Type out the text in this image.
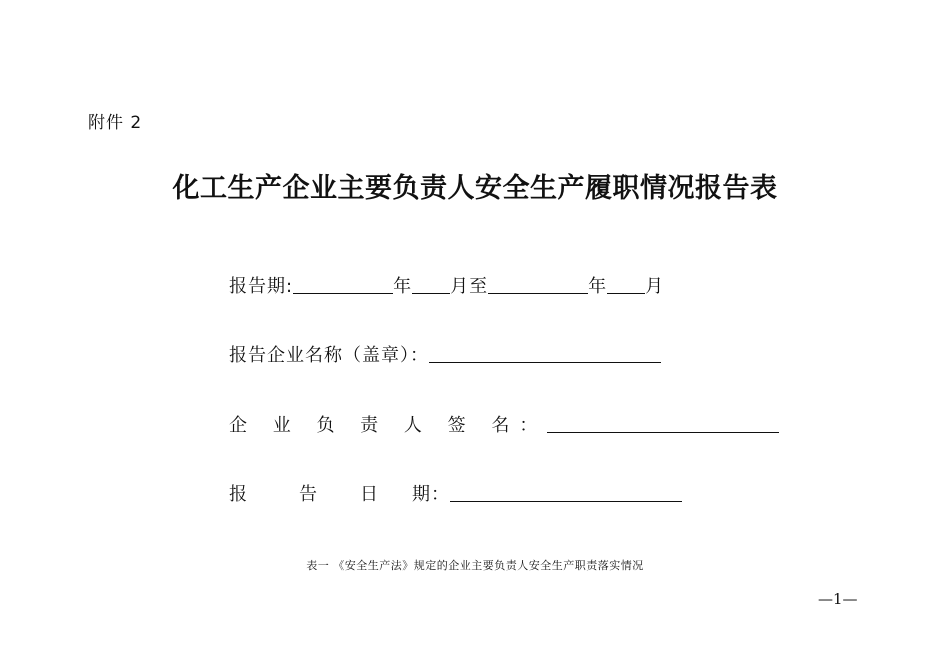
附件 2
化工生产企业主要负责人安全生产履职情况报告表
报告期:	年 月至	年 月
报告企业名称（盖章）：
企 业 负 责 人 签 名：
报	告	日	期：
表一 《安全生产法》规定的企业主要负责人安全生产职责落实情况
—1—
